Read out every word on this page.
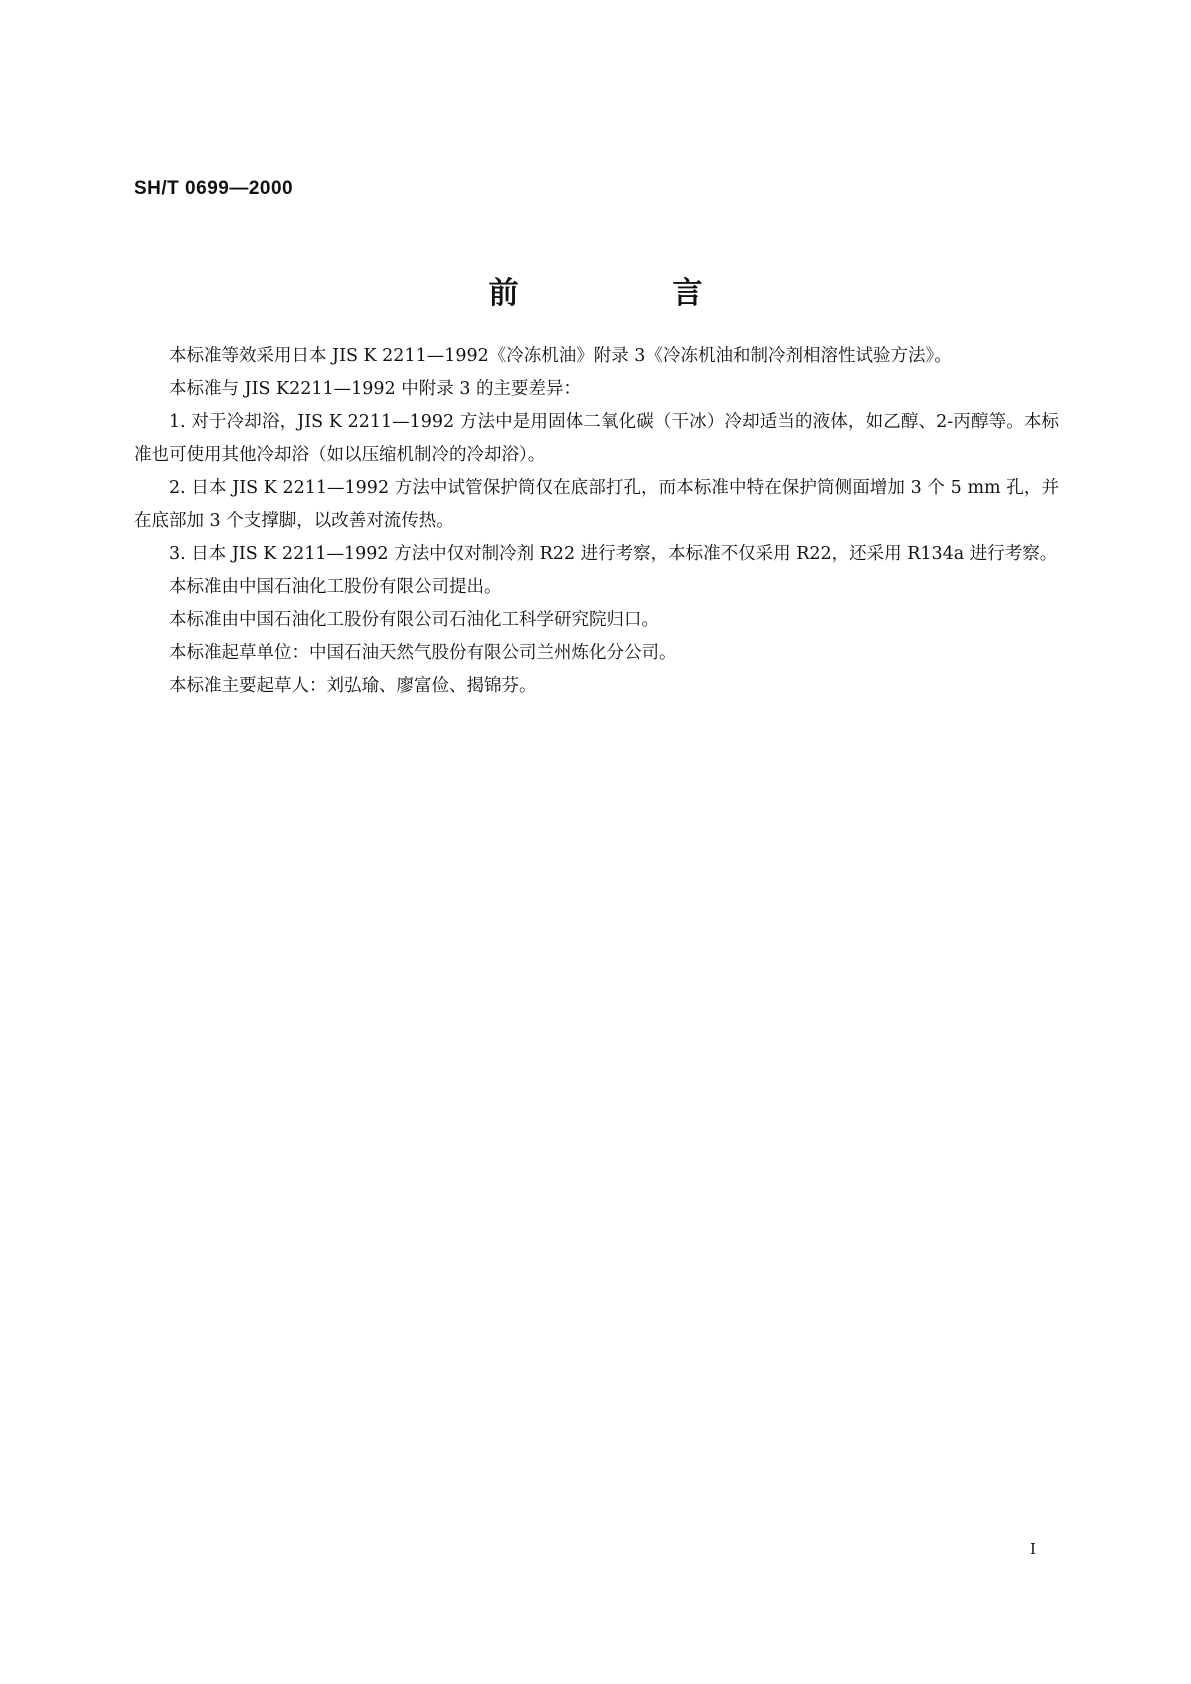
SH/T 0699—2000
前　言

本标准等效采用日本 JIS K 2211—1992《冷冻机油》附录 3《冷冻机油和制冷剂相溶性试验方法》。

本标准与 JIS K2211—1992 中附录 3 的主要差异：

1. 对于冷却浴，JIS K 2211—1992 方法中是用固体二氧化碳（干冰）冷却适当的液体，如乙醇、2-丙醇等。本标准也可使用其他冷却浴（如以压缩机制冷的冷却浴）。

2. 日本 JIS K 2211—1992 方法中试管保护筒仅在底部打孔，而本标准中特在保护筒侧面增加 3 个 5 mm 孔，并在底部加 3 个支撑脚，以改善对流传热。

3. 日本 JIS K 2211—1992 方法中仅对制冷剂 R22 进行考察，本标准不仅采用 R22，还采用 R134a 进行考察。

本标准由中国石油化工股份有限公司提出。

本标准由中国石油化工股份有限公司石油化工科学研究院归口。

本标准起草单位：中国石油天然气股份有限公司兰州炼化分公司。

本标准主要起草人：刘弘瑜、廖富俭、揭锦芬。

I
